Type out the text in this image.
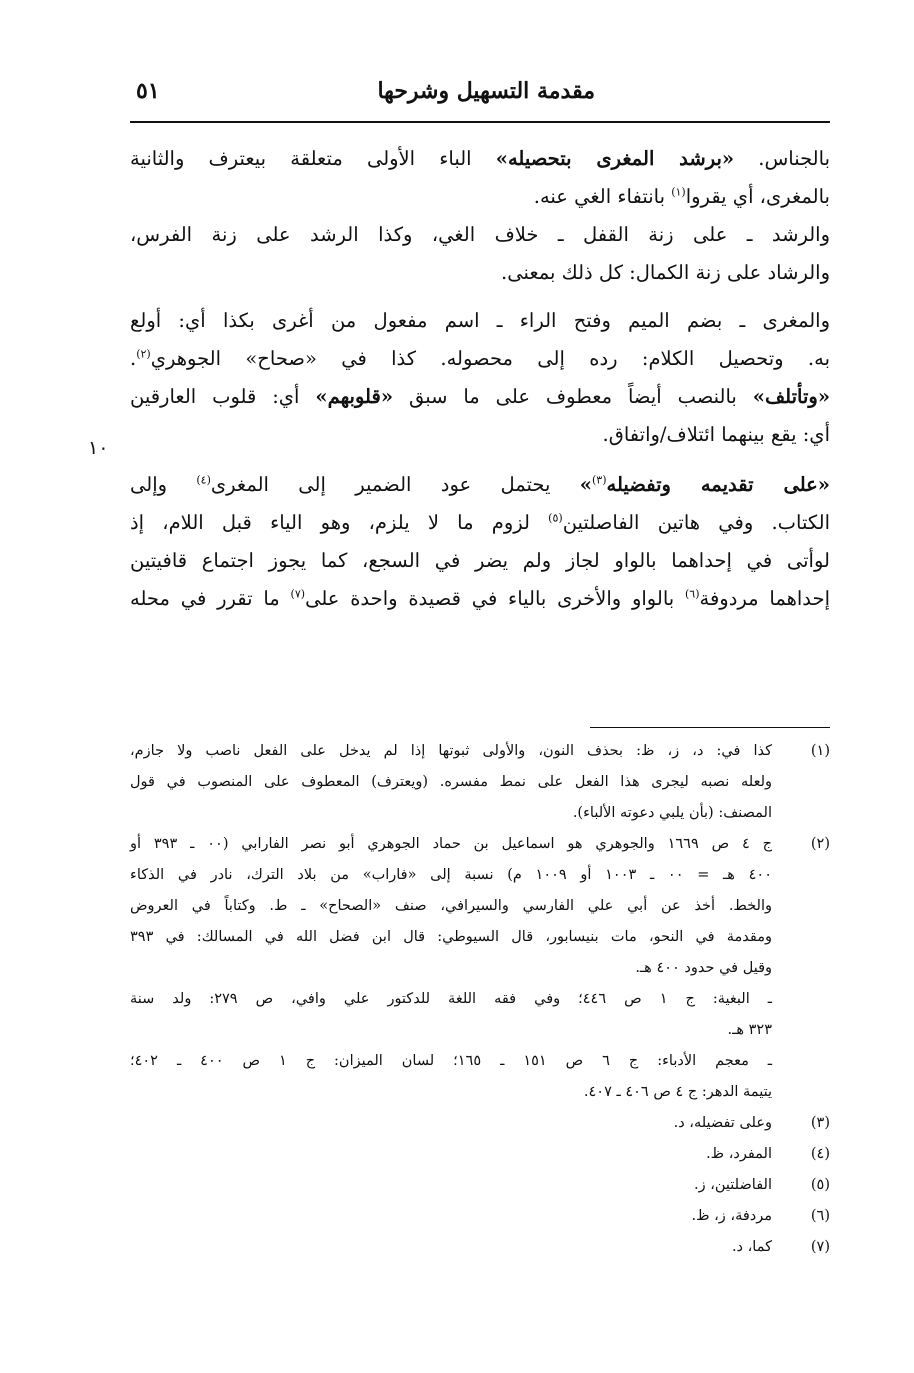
مقدمة التسهيل وشرحها
٥١
١٠
بالجناس. «برشد المغرى بتحصيله» الباء الأولى متعلقة بيعترف والثانية
بالمغرى، أي يقروا$^{(١)}$ بانتفاء الغي عنه.
والرشد ـ على زنة القفل ـ خلاف الغي، وكذا الرشد على زنة الفرس،
والرشاد على زنة الكمال: كل ذلك بمعنى.
والمغرى ـ بضم الميم وفتح الراء ـ اسم مفعول من أغرى بكذا أي: أولع
به. وتحصيل الكلام: رده إلى محصوله. كذا في «صحاح» الجوهري$^{(٢)}$.
«وتأتلف» بالنصب أيضاً معطوف على ما سبق «قلوبهم» أي: قلوب العارقين
أي: يقع بينهما ائتلاف/واتفاق.
«على تقديمه وتفضيله$^{(٣)}$» يحتمل عود الضمير إلى المغرى$^{(٤)}$ وإلى
الكتاب. وفي هاتين الفاصلتين$^{(٥)}$ لزوم ما لا يلزم، وهو الياء قبل اللام، إذ
لوأتى في إحداهما بالواو لجاز ولم يضر في السجع، كما يجوز اجتماع قافيتين
إحداهما مردوفة$^{(٦)}$ بالواو والأخرى بالياء في قصيدة واحدة على$^{(٧)}$ ما تقرر في محله
(١)
كذا في: د، ز، ظ: بحذف النون، والأولى ثبوتها إذا لم يدخل على الفعل ناصب ولا جازم،
ولعله نصبه ليجرى هذا الفعل على نمط مفسره. (ويعترف) المعطوف على المنصوب في قول
المصنف: (بأن يلبي دعوته الألباء).
(٢)
ج ٤ ص ١٦٦٩ والجوهري هو اسماعيل بن حماد الجوهري أبو نصر الفارابي (٠٠ ـ ٣٩٣ أو
٤٠٠ هـ = ٠٠ ـ ١٠٠٣ أو ١٠٠٩ م) نسبة إلى «فاراب» من بلاد الترك، نادر في الذكاء
والخط. أخذ عن أبي علي الفارسي والسيرافي، صنف «الصحاح» ـ ط. وكتاباً في العروض
ومقدمة في النحو، مات بنيسابور، قال السيوطي: قال ابن فضل الله في المسالك: في ٣٩٣
وقيل في حدود ٤٠٠ هـ.
ـ البغية: ج ١ ص ٤٤٦؛ وفي فقه اللغة للدكتور علي وافي، ص ٢٧٩: ولد سنة
٣٢٣ هـ.
ـ معجم الأدباء: ج ٦ ص ١٥١ ـ ١٦٥؛ لسان الميزان: ج ١ ص ٤٠٠ ـ ٤٠٢؛
يتيمة الدهر: ج ٤ ص ٤٠٦ ـ ٤٠٧.
(٣)
وعلى تفضيله، د.
(٤)
المفرد، ظ.
(٥)
الفاضلتين، ز.
(٦)
مردفة، ز، ظ.
(٧)
كما، د.
